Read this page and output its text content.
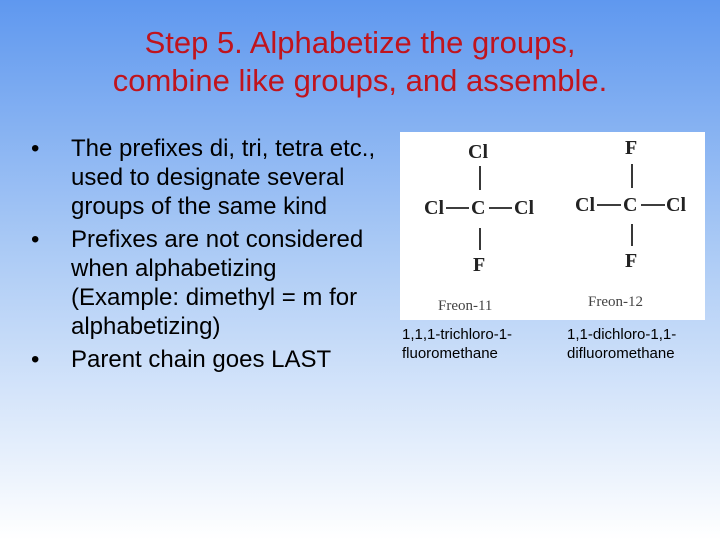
Step 5. Alphabetize the groups,
combine like groups, and assemble.
• The prefixes di, tri, tetra etc., used to designate several groups of the same kind
• Prefixes are not considered when alphabetizing (Example: dimethyl = m for alphabetizing)
• Parent chain goes LAST
Cl
Cl C Cl
F
Freon-11
F
Cl C Cl
F
Freon-12
1,1,1-trichloro-1-fluoromethane
1,1-dichloro-1,1-difluoromethane
